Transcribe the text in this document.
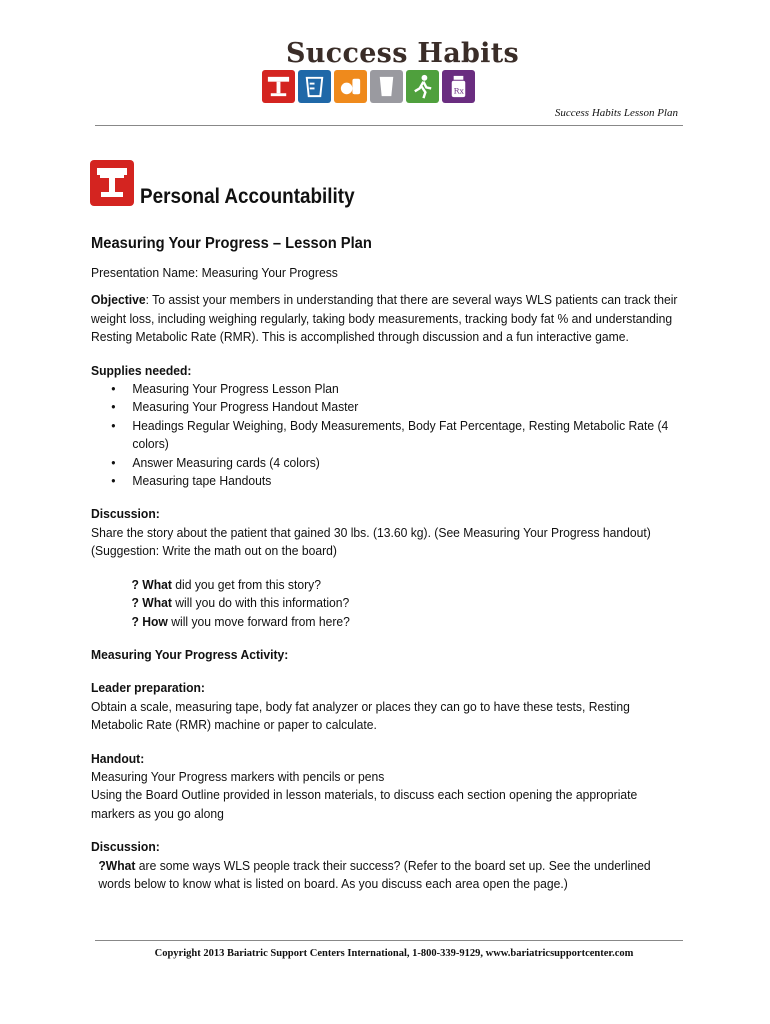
Success Habits
Rx
Success Habits Lesson Plan
Personal Accountability
Measuring Your Progress – Lesson Plan
Presentation Name: Measuring Your Progress
Objective: To assist your members in understanding that there are several ways WLS patients can track their weight loss, including weighing regularly, taking body measurements, tracking body fat % and understanding Resting Metabolic Rate (RMR). This is accomplished through discussion and a fun interactive game.
Supplies needed:
• Measuring Your Progress Lesson Plan
• Measuring Your Progress Handout Master
• Headings Regular Weighing, Body Measurements, Body Fat Percentage, Resting Metabolic Rate (4 colors)
• Answer Measuring cards (4 colors)
• Measuring tape Handouts
Discussion:
Share the story about the patient that gained 30 lbs. (13.60 kg). (See Measuring Your Progress handout)
(Suggestion: Write the math out on the board)
? What did you get from this story?
? What will you do with this information?
? How will you move forward from here?
Measuring Your Progress Activity:
Leader preparation:
Obtain a scale, measuring tape, body fat analyzer or places they can go to have these tests, Resting Metabolic Rate (RMR) machine or paper to calculate.
Handout:
Measuring Your Progress markers with pencils or pens
Using the Board Outline provided in lesson materials, to discuss each section opening the appropriate markers as you go along
Discussion:
?What are some ways WLS people track their success? (Refer to the board set up. See the underlined words below to know what is listed on board. As you discuss each area open the page.)
Copyright 2013 Bariatric Support Centers International, 1-800-339-9129, www.bariatricsupportcenter.com
